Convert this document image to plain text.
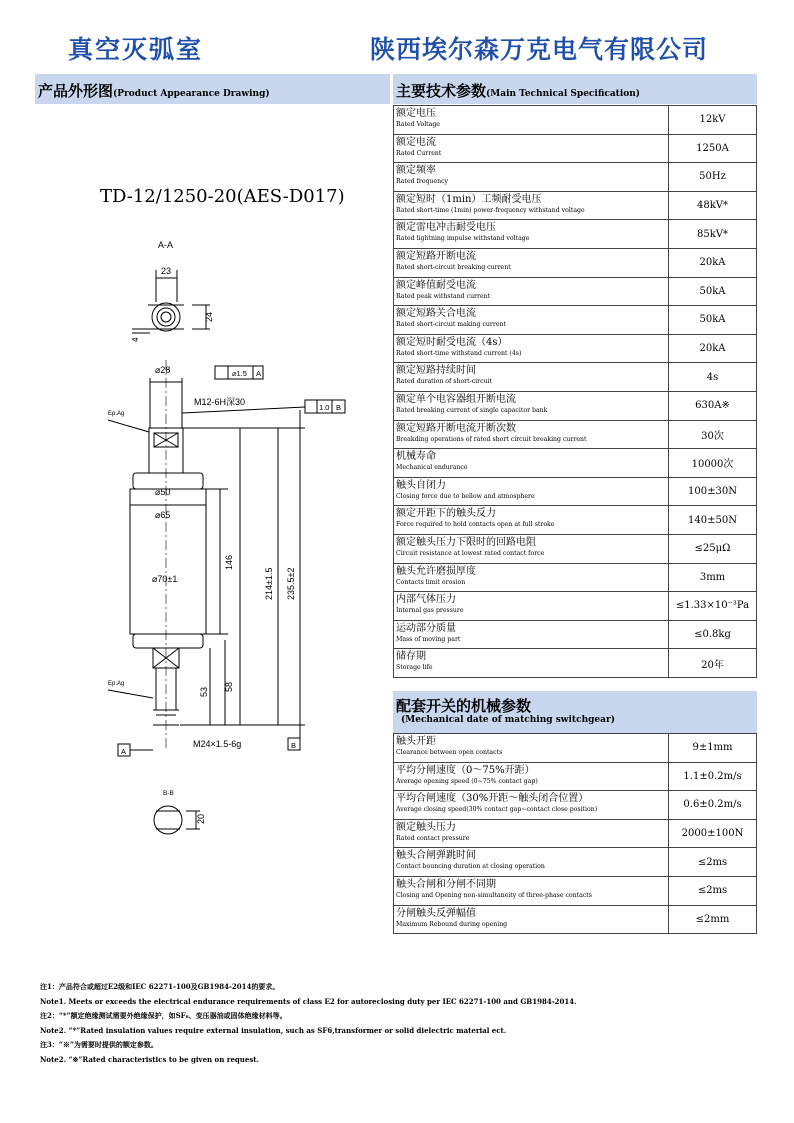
真空灭弧室	陕西埃尔森万克电气有限公司
产品外形图(Product Appearance Drawing)	主要技术参数(Main Technical Specification)
TD-12/1250-20(AES-D017)
A-A
23
24
4
⌀28	⌀1.5 A
M12-6H深30
1.0 B
Ep.Ag
⌀50
⌀65
⌀70±1
146
214±1.5 235.5±2
Ep.Ag
53 58
M24×1.5-6g
A
B
B-B
20
额定电压
Rated Voltage	12kV

额定电流
Rated Current	1250A

额定频率
Rated frequency	50Hz

额定短时（1min）工频耐受电压
Rated short-time (1min) power-frequency withstand voltage	48kV*

额定雷电冲击耐受电压
Rated lightning impulse withstand voltage	85kV*

额定短路开断电流
Rated short-circuit breaking current	20kA

额定峰值耐受电流
Rated peak withstand current	50kA

额定短路关合电流
Rated short-circuit making current	50kA

额定短时耐受电流（4s）
Rated short-time withstand current (4s)	20kA

额定短路持续时间
Rated duration of short-circuit	4s

额定单个电容器组开断电流
Rated breaking current of single capacitor bank	630A※

额定短路开断电流开断次数
Breakding operations of rated short circuit breaking current	30次

机械寿命
Mechanical endurance	10000次

触头自闭力
Closing force due to bellow and atmosphere	100±30N

额定开距下的触头反力
Force required to hold contacts open at full stroke	140±50N

额定触头压力下限时的回路电阻
Circuit resistance at lowest rated contact force	≤25μΩ

触头允许磨损厚度
Contacts limit erosion	3mm

内部气体压力
Internal gas pressure	≤1.33×10⁻³Pa

运动部分质量
Mass of moving part	≤0.8kg

储存期
Storage life	20年
配套开关的机械参数
(Mechanical date of matching switchgear)
触头开距
Clearance between open contacts	9±1mm

平均分闸速度（0～75%开距）
Average opening speed (0~75% contact gap)	1.1±0.2m/s

平均合闸速度（30%开距～触头闭合位置）
Average closing speed(30% contact gap~contact close position)	0.6±0.2m/s

额定触头压力
Rated contact pressure	2000±100N

触头合闸弹跳时间
Contact bouncing duration at closing operation	≤2ms

触头合闸和分闸不同期
Closing and Opening non-simultaneity of three-phase contacts	≤2ms

分闸触头反弹幅值
Maximum Rebound during opening	≤2mm
注1：产品符合或超过E2级和IEC 62271-100及GB1984-2014的要求。
Note1. Meets or exceeds the electrical endurance requirements of class E2 for autoreclosing duty per IEC 62271-100 and GB1984-2014.
注2：“*”额定绝缘测试需要外绝缘保护，如SF₆、变压器油或固体绝缘材料等。
Note2. “*”Rated insulation values require external insulation, such as SF6,transformer or solid dielectric material ect.
注3：“※”为需要时提供的额定参数。
Note2. “※”Rated characteristics to be given on request.
